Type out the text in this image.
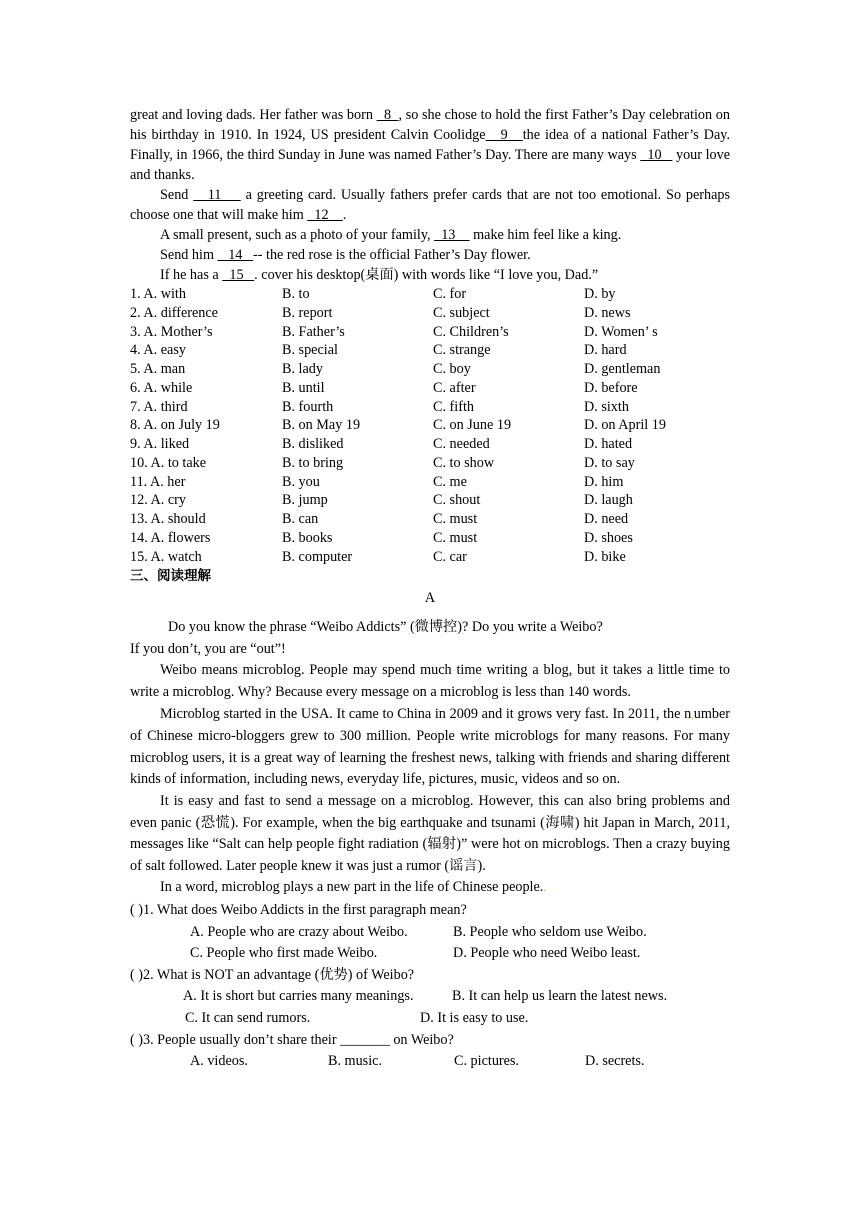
great and loving dads. Her father was born   8  , so she chose to hold the first Father’s Day celebration on his birthday in 1910. In 1924, US president Calvin Coolidge   9   the idea of a national Father’s Day. Finally, in 1966, the third Sunday in June was named Father’s Day. There are many ways   10    your love and thanks.

Send    11     a greeting card. Usually fathers prefer cards that are not too emotional. So perhaps choose one that will make him   12    .

A small present, such as a photo of your family,   13     make him feel like a king.

Send him    14   -- the red rose is the official Father’s Day flower.

If he has a   15   . cover his desktop(桌面) with words like “I love you, Dad.”

1. A. with	B. to	C. for	D. by
2. A. difference	B. report	C. subject	D. news
3. A. Mother’s	B. Father’s	C. Children’s	D. Women’ s
4. A. easy	B. special	C. strange	D. hard
5. A. man	B. lady	C. boy	D. gentleman
6. A. while	B. until	C. after	D. before
7. A. third	B. fourth	C. fifth	D. sixth
8. A. on July 19	B. on May 19	C. on June 19	D. on April 19
9. A. liked	B. disliked	C. needed	D. hated
10. A. to take	B. to bring	C. to show	D. to say
11. A. her	B. you	C. me	D. him
12. A. cry	B. jump	C. shout	D. laugh
13. A. should	B. can	C. must	D. need
14. A. flowers	B. books	C. must	D. shoes
15. A. watch	B. computer	C. car	D. bike
三、阅读理解
A

Do you know the phrase “Weibo Addicts” (微博控)? Do you write a Weibo?

If you don’t, you are “out”!

Weibo means microblog. People may spend much time writing a blog, but it takes a little time to write a microblog. Why? Because every message on a microblog is less than 140 words.

Microblog started in the USA. It came to China in 2009 and it grows very fast. In 2011, the n,umber of Chinese micro-bloggers grew to 300 million. People write microblogs for many reasons. For many microblog users, it is a great way of learning the freshest news, talking with friends and sharing different kinds of information, including news, everyday life, pictures, music, videos and so on.

It is easy and fast to send a message on a microblog. However, this can also bring problems and even panic (恐慌). For example, when the big earthquake and tsunami (海啸) hit Japan in March, 2011, messages like “Salt can help people fight radiation (辐射)” were hot on microblogs. Then a crazy buying of salt followed. Later people knew it was just a rumor (谣言).

In a word, microblog plays a new part in the life of Chinese people..

( )1. What does Weibo Addicts in the first paragraph mean?
A. People who are crazy about Weibo.	B. People who seldom use Weibo.
C. People who first made Weibo.	D. People who need Weibo least.
( )2. What is NOT an advantage (优势) of Weibo?
A. It is short but carries many meanings.	B. It can help us learn the latest news.
C. It can send rumors.	D. It is easy to use.
( )3. People usually don’t share their _______ on Weibo?
A. videos.	B. music.	C. pictures.	D. secrets.
